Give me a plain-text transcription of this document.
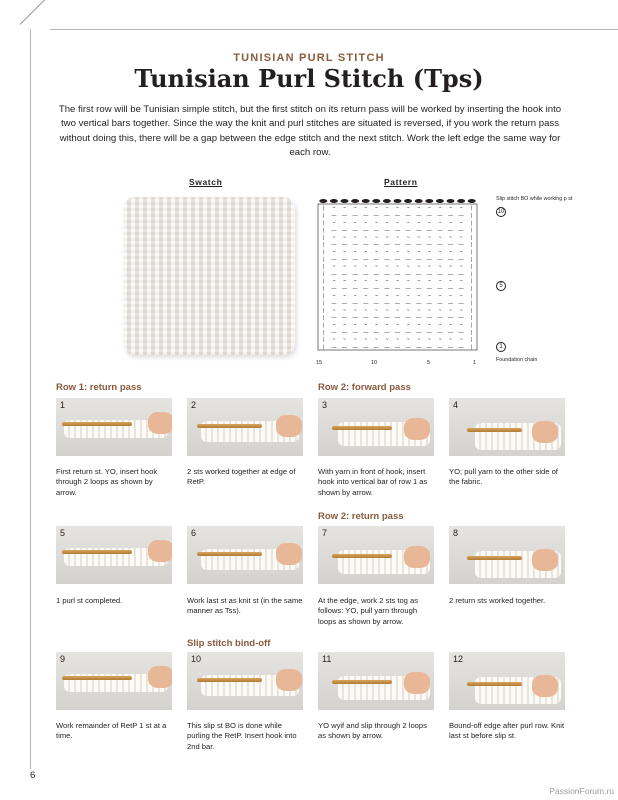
TUNISIAN PURL STITCH
Tunisian Purl Stitch (Tps)

The first row will be Tunisian simple stitch, but the first stitch on its return pass will be worked by inserting the hook into two vertical bars together. Since the way the knit and purl stitches are situated is reversed, if you work the return pass without doing this, there will be a gap between the edge stitch and the next stitch. Work the left edge the same way for each row.

Swatch	Pattern
| ~ ~ ~ ~ ~ ~ ~ ~ ~ ~ ~ ~ ~ |
| — — — — — — — — — — — — — |
| ~ ~ ~ ~ ~ ~ ~ ~ ~ ~ ~ ~ ~ |
| — — — — — — — — — — — — — |
| ~ ~ ~ ~ ~ ~ ~ ~ ~ ~ ~ ~ ~ |
| — — — — — — — — — — — — — |
| ~ ~ ~ ~ ~ ~ ~ ~ ~ ~ ~ ~ ~ |
| — — — — — — — — — — — — — |
| ~ ~ ~ ~ ~ ~ ~ ~ ~ ~ ~ ~ ~ |
| — — — — — — — — — — — — — |
| ~ ~ ~ ~ ~ ~ ~ ~ ~ ~ ~ ~ ~ |
| — — — — — — — — — — — — — |
| ~ ~ ~ ~ ~ ~ ~ ~ ~ ~ ~ ~ ~ |
| — — — — — — — — — — — — — |
| ~ ~ ~ ~ ~ ~ ~ ~ ~ ~ ~ ~ ~ |
| — — — — — — — — — — — — — |
| ~ ~ ~ ~ ~ ~ ~ ~ ~ ~ ~ ~ ~ |
| — — — — — — — — — — — — — |
| ~ ~ ~ ~ ~ ~ ~ ~ ~ ~ ~ ~ ~ |
| — — — — — — — — — — — — — |
Slip stitch BO while working p st
Foundation chain
10
5
1
15	10	5	1
Row 1: return pass	Row 2: forward pass
Row 2: return pass
Slip stitch bind-off
1
First return st. YO, insert hook through 2 loops as shown by arrow.
2
2 sts worked together at edge of RetP.
3
With yarn in front of hook, insert hook into vertical bar of row 1 as shown by arrow.
4
YO; pull yarn to the other side of the fabric.
5
1 purl st completed.
6
Work last st as knit st (in the same manner as Tss).
7
At the edge, work 2 sts tog as follows: YO, pull yarn through loops as shown by arrow.
8
2 return sts worked together.
9
Work remainder of RetP 1 st at a time.
10
This slip st BO is done while purling the RetP. Insert hook into 2nd bar.
11
YO wyif and slip through 2 loops as shown by arrow.
12
Bound-off edge after purl row. Knit last st before slip st.
6
PassionForum.ru
